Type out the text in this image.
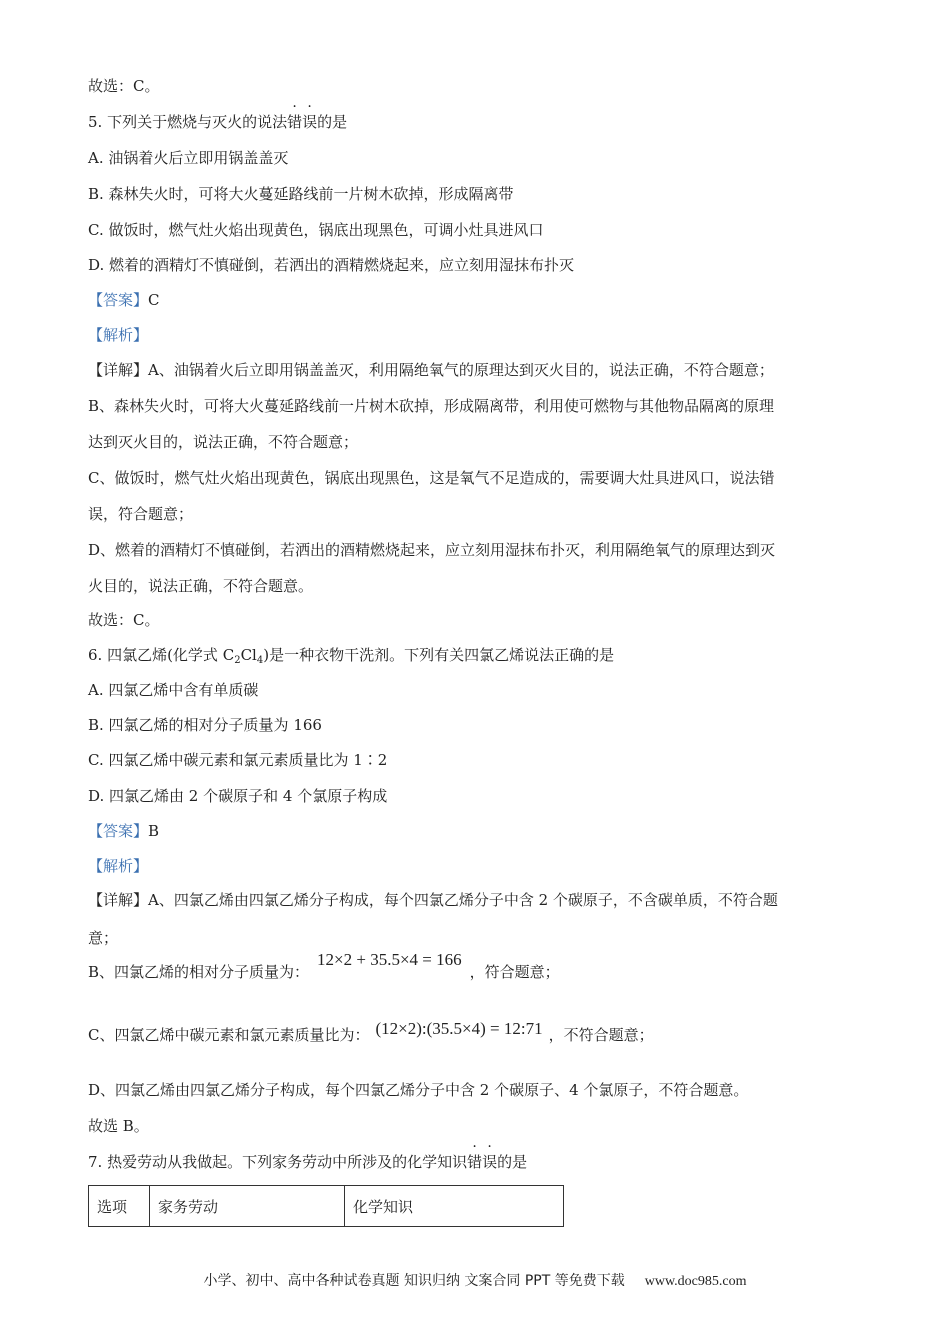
故选：C。
5. 下列关于燃烧与灭火的说法错误的是
A. 油锅着火后立即用锅盖盖灭
B. 森林失火时，可将大火蔓延路线前一片树木砍掉，形成隔离带
C. 做饭时，燃气灶火焰出现黄色，锅底出现黑色，可调小灶具进风口
D. 燃着的酒精灯不慎碰倒，若洒出的酒精燃烧起来，应立刻用湿抹布扑灭
【答案】C
【解析】
【详解】A、油锅着火后立即用锅盖盖灭，利用隔绝氧气的原理达到灭火目的，说法正确，不符合题意；
B、森林失火时，可将大火蔓延路线前一片树木砍掉，形成隔离带，利用使可燃物与其他物品隔离的原理
达到灭火目的，说法正确，不符合题意；
C、做饭时，燃气灶火焰出现黄色，锅底出现黑色，这是氧气不足造成的，需要调大灶具进风口，说法错
误，符合题意；
D、燃着的酒精灯不慎碰倒，若洒出的酒精燃烧起来，应立刻用湿抹布扑灭，利用隔绝氧气的原理达到灭
火目的，说法正确，不符合题意。
故选：C。
6. 四氯乙烯(化学式 $C_2Cl_4$)是一种衣物干洗剂。下列有关四氯乙烯说法正确的是
A. 四氯乙烯中含有单质碳
B. 四氯乙烯的相对分子质量为 166
C. 四氯乙烯中碳元素和氯元素质量比为 1∶2
D. 四氯乙烯由 2 个碳原子和 4 个氯原子构成
【答案】B
【解析】
【详解】A、四氯乙烯由四氯乙烯分子构成，每个四氯乙烯分子中含 2 个碳原子，不含碳单质，不符合题
意；
B、四氯乙烯的相对分子质量为：12×2 + 35.5×4 = 166，符合题意；
C、四氯乙烯中碳元素和氯元素质量比为： (12×2):(35.5×4) = 12:71 ，不符合题意；
D、四氯乙烯由四氯乙烯分子构成，每个四氯乙烯分子中含 2 个碳原子、4 个氯原子，不符合题意。
故选 B。
7. 热爱劳动从我做起。下列家务劳动中所涉及的化学知识错误的是
选项	家务劳动	化学知识
小学、初中、高中各种试卷真题 知识归纳 文案合同 PPT 等免费下载 www.doc985.com
